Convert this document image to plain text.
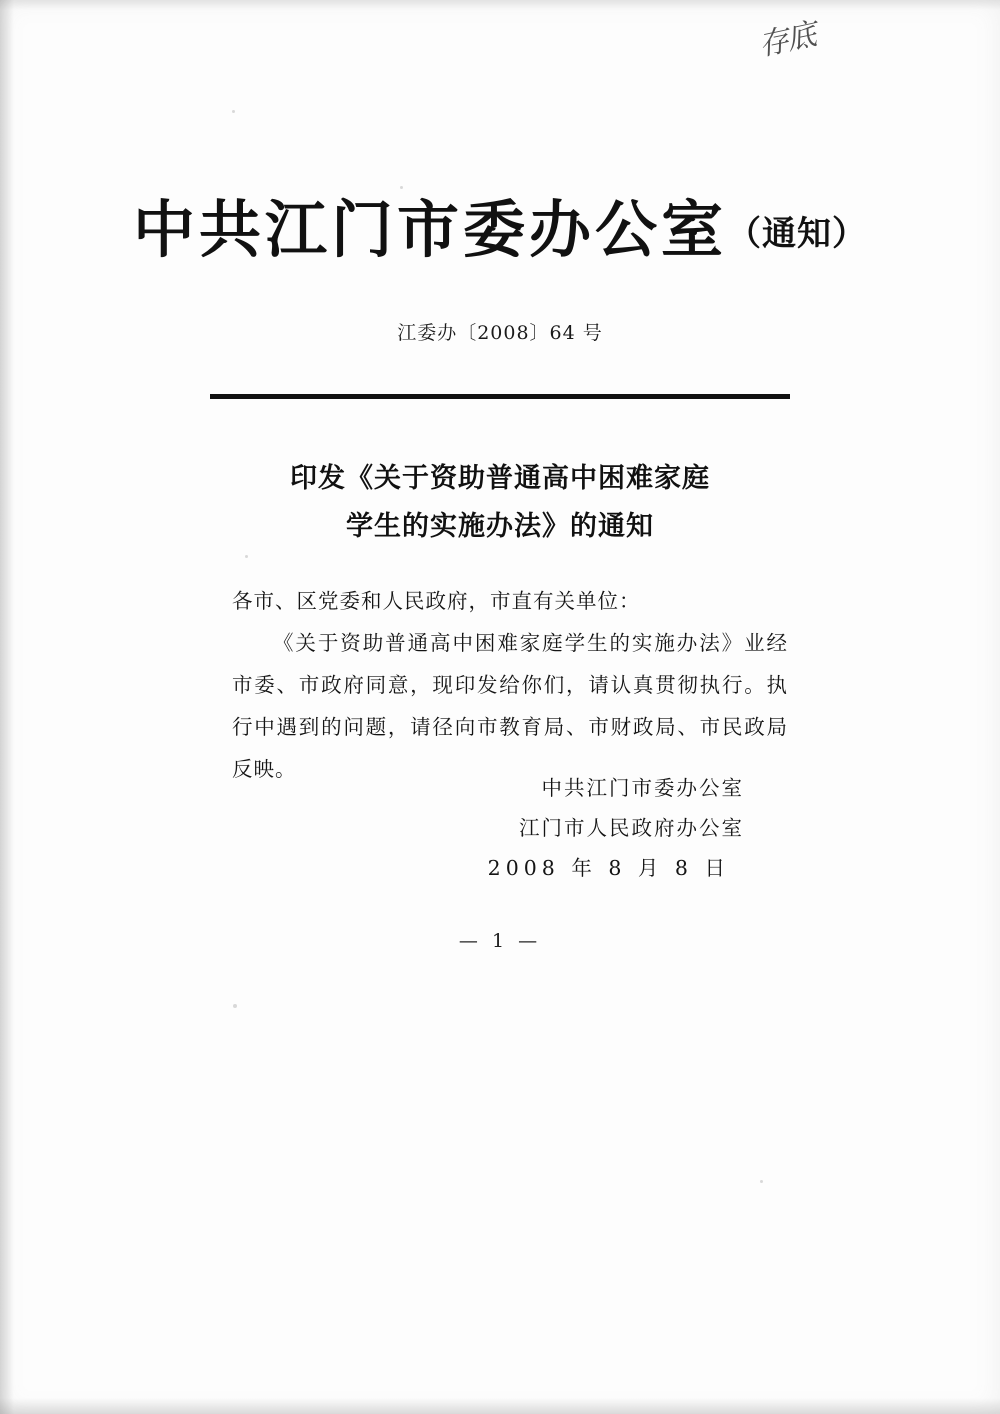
存底
中共江门市委办公室（通知）
江委办〔2008〕64 号
印发《关于资助普通高中困难家庭
学生的实施办法》的通知

各市、区党委和人民政府，市直有关单位：

《关于资助普通高中困难家庭学生的实施办法》业经市委、市政府同意，现印发给你们，请认真贯彻执行。执行中遇到的问题，请径向市教育局、市财政局、市民政局反映。

中共江门市委办公室
江门市人民政府办公室
2008 年 8 月 8 日
— 1 —
